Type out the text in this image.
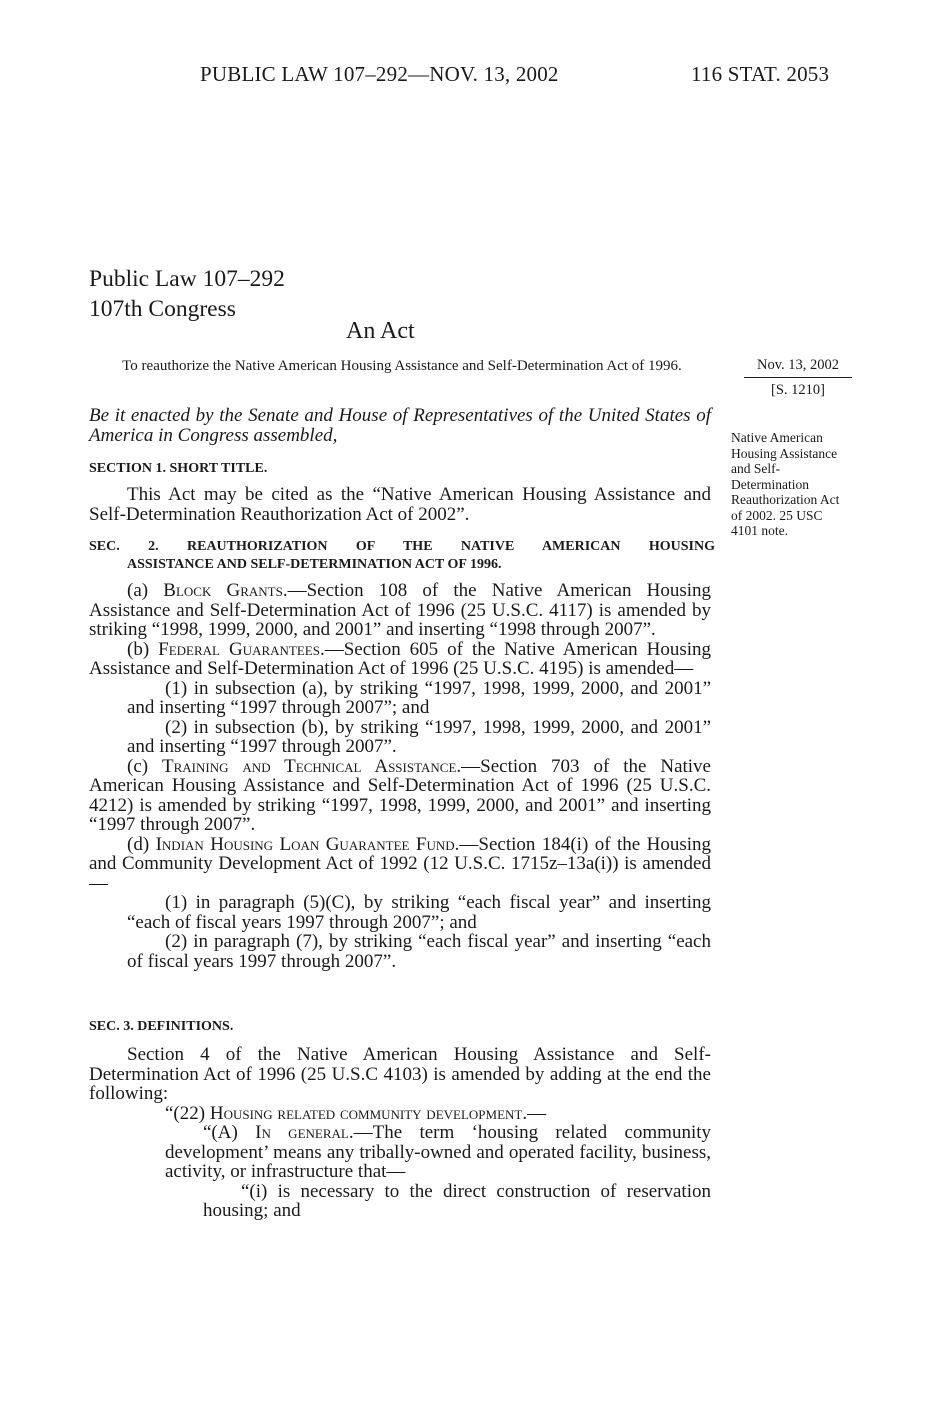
PUBLIC LAW 107–292—NOV. 13, 2002	116 STAT. 2053
Public Law 107–292
107th Congress
An Act
To reauthorize the Native American Housing Assistance and Self-Determination Act of 1996.	Nov. 13, 2002
[S. 1210]
Native American Housing Assistance and Self-Determination Reauthorization Act of 2002. 25 USC 4101 note.
Be it enacted by the Senate and House of Representatives of the United States of America in Congress assembled,
SECTION 1. SHORT TITLE.

This Act may be cited as the “Native American Housing Assistance and Self-Determination Reauthorization Act of 2002”.

SEC. 2. REAUTHORIZATION OF THE NATIVE AMERICAN HOUSING
ASSISTANCE AND SELF-DETERMINATION ACT OF 1996.

(a) Block Grants.—Section 108 of the Native American Housing Assistance and Self-Determination Act of 1996 (25 U.S.C. 4117) is amended by striking “1998, 1999, 2000, and 2001” and inserting “1998 through 2007”.

(b) Federal Guarantees.—Section 605 of the Native American Housing Assistance and Self-Determination Act of 1996 (25 U.S.C. 4195) is amended—

(1) in subsection (a), by striking “1997, 1998, 1999, 2000, and 2001” and inserting “1997 through 2007”; and

(2) in subsection (b), by striking “1997, 1998, 1999, 2000, and 2001” and inserting “1997 through 2007”.

(c) Training and Technical Assistance.—Section 703 of the Native American Housing Assistance and Self-Determination Act of 1996 (25 U.S.C. 4212) is amended by striking “1997, 1998, 1999, 2000, and 2001” and inserting “1997 through 2007”.

(d) Indian Housing Loan Guarantee Fund.—Section 184(i) of the Housing and Community Development Act of 1992 (12 U.S.C. 1715z–13a(i)) is amended—

(1) in paragraph (5)(C), by striking “each fiscal year” and inserting “each of fiscal years 1997 through 2007”; and

(2) in paragraph (7), by striking “each fiscal year” and inserting “each of fiscal years 1997 through 2007”.

SEC. 3. DEFINITIONS.

Section 4 of the Native American Housing Assistance and Self-Determination Act of 1996 (25 U.S.C 4103) is amended by adding at the end the following:

“(22) Housing related community development.—

“(A) In general.—The term ‘housing related community development’ means any tribally-owned and operated facility, business, activity, or infrastructure that—

“(i) is necessary to the direct construction of reservation housing; and
